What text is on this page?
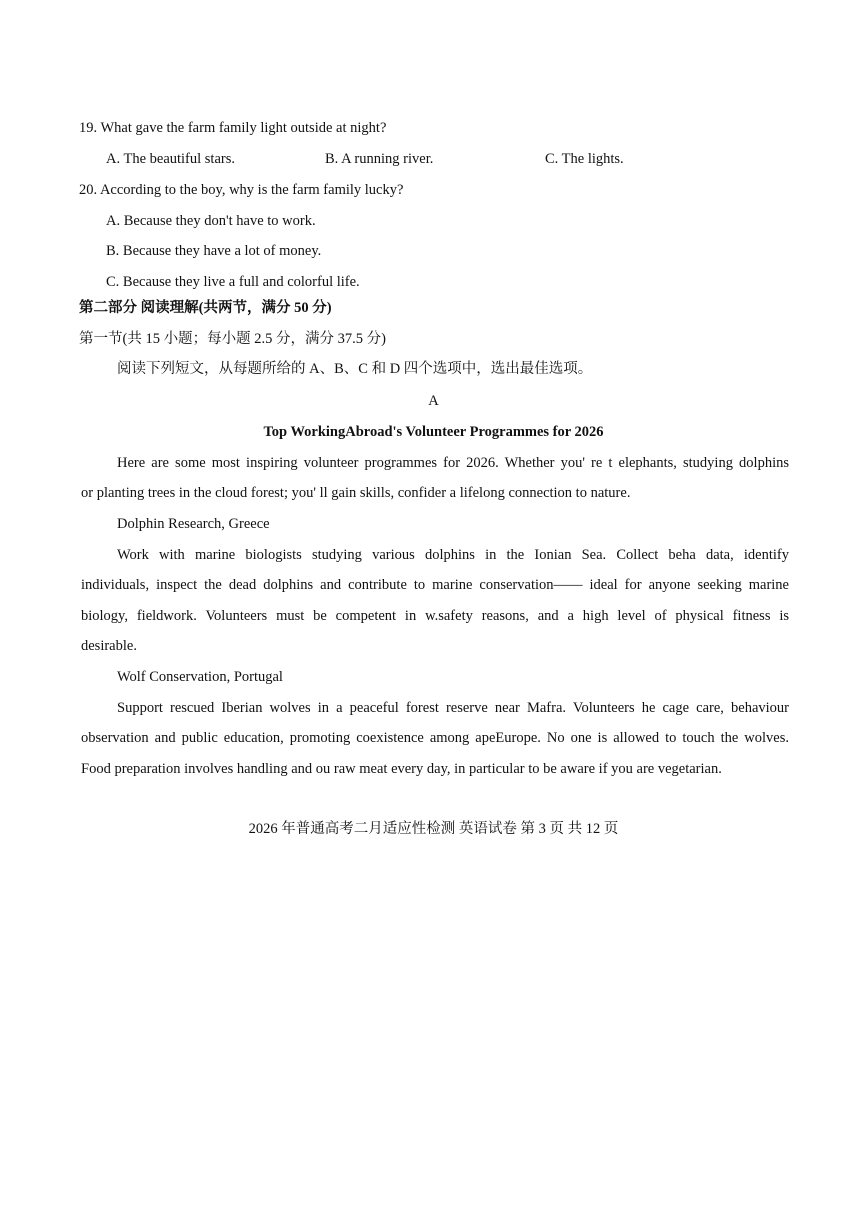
19. What gave the farm family light outside at night?
A. The beautiful stars.	B. A running river.	C. The lights.
20. According to the boy, why is the farm family lucky?
A. Because they don't have to work.
B. Because they have a lot of money.
C. Because they live a full and colorful life.
第二部分 阅读理解(共两节，满分 50 分)
第一节(共 15 小题；每小题 2.5 分，满分 37.5 分)
阅读下列短文，从每题所给的 A、B、C 和 D 四个选项中，选出最佳选项。
A
Top WorkingAbroad's Volunteer Programmes for 2026
Here are some most inspiring volunteer programmes for 2026. Whether you' re t elephants, studying dolphins
or planting trees in the cloud forest; you' ll gain skills, confider a lifelong connection to nature.
Dolphin Research, Greece
Work with marine biologists studying various dolphins in the Ionian Sea. Collect beha data, identify
individuals, inspect the dead dolphins and contribute to marine conservation—— ideal for anyone seeking marine
biology, fieldwork. Volunteers must be competent in w.safety reasons, and a high level of physical fitness is
desirable.
Wolf Conservation, Portugal
Support rescued Iberian wolves in a peaceful forest reserve near Mafra. Volunteers he cage care, behaviour
observation and public education, promoting coexistence among apeEurope. No one is allowed to touch the wolves.
Food preparation involves handling and ou raw meat every day, in particular to be aware if you are vegetarian.
2026 年普通高考二月适应性检测 英语试卷 第 3 页 共 12 页
